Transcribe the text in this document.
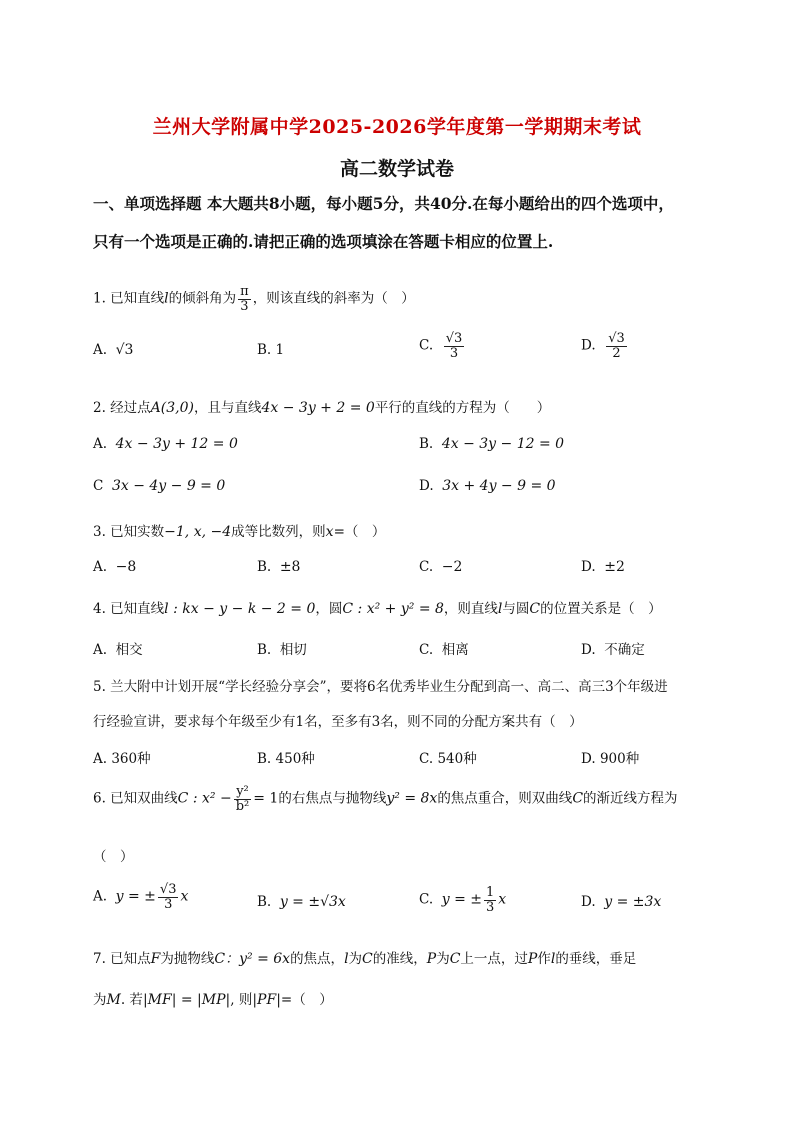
兰州大学附属中学2025-2026学年度第一学期期末考试
高二数学试卷
一、单项选择题 本大题共8小题，每小题5分，共40分.在每小题给出的四个选项中，
只有一个选项是正确的.请把正确的选项填涂在答题卡相应的位置上.
1. 已知直线l的倾斜角为 $\frac{\pi}{3}$ ，则该直线的斜率为（　）
A. √3	B. 1	C. $\frac{√3}{3}$	D. $\frac{√3}{2}$
2. 经过点A(3,0)，且与直线4x − 3y + 2 = 0平行的直线的方程为（　　）
A. 4x − 3y + 12 = 0	B. 4x − 3y − 12 = 0
C 3x − 4y − 9 = 0	D. 3x + 4y − 9 = 0
3. 已知实数−1, x, −4成等比数列，则x=（　）
A. −8	B. ±8	C. −2	D. ±2
4. 已知直线l : kx − y − k − 2 = 0，圆C : x² + y² = 8，则直线l与圆C的位置关系是（　）
A. 相交	B. 相切	C. 相离	D. 不确定
5. 兰大附中计划开展“学长经验分享会”，要将6名优秀毕业生分配到高一、高二、高三3个年级进
行经验宣讲，要求每个年级至少有1名，至多有3名，则不同的分配方案共有（　）
A. 360种	B. 450种	C. 540种	D. 900种
6. 已知双曲线C : $x^2 - \frac{\text{y²}}{\text{b²}} = 1$的右焦点与抛物线y² = 8x的焦点重合，则双曲线C的渐近线方程为
（　）
A. y = ± $\frac{√3}{3}$ x	B. y = ±√3x	C. y = ± $\frac{1}{3}$ x	D. y = ±3x
7. 已知点F为抛物线C：y² = 6x的焦点，l为C的准线，P为C上一点，过P作l的垂线，垂足
为M. 若|MF| = |MP|, 则|PF|=（　）
